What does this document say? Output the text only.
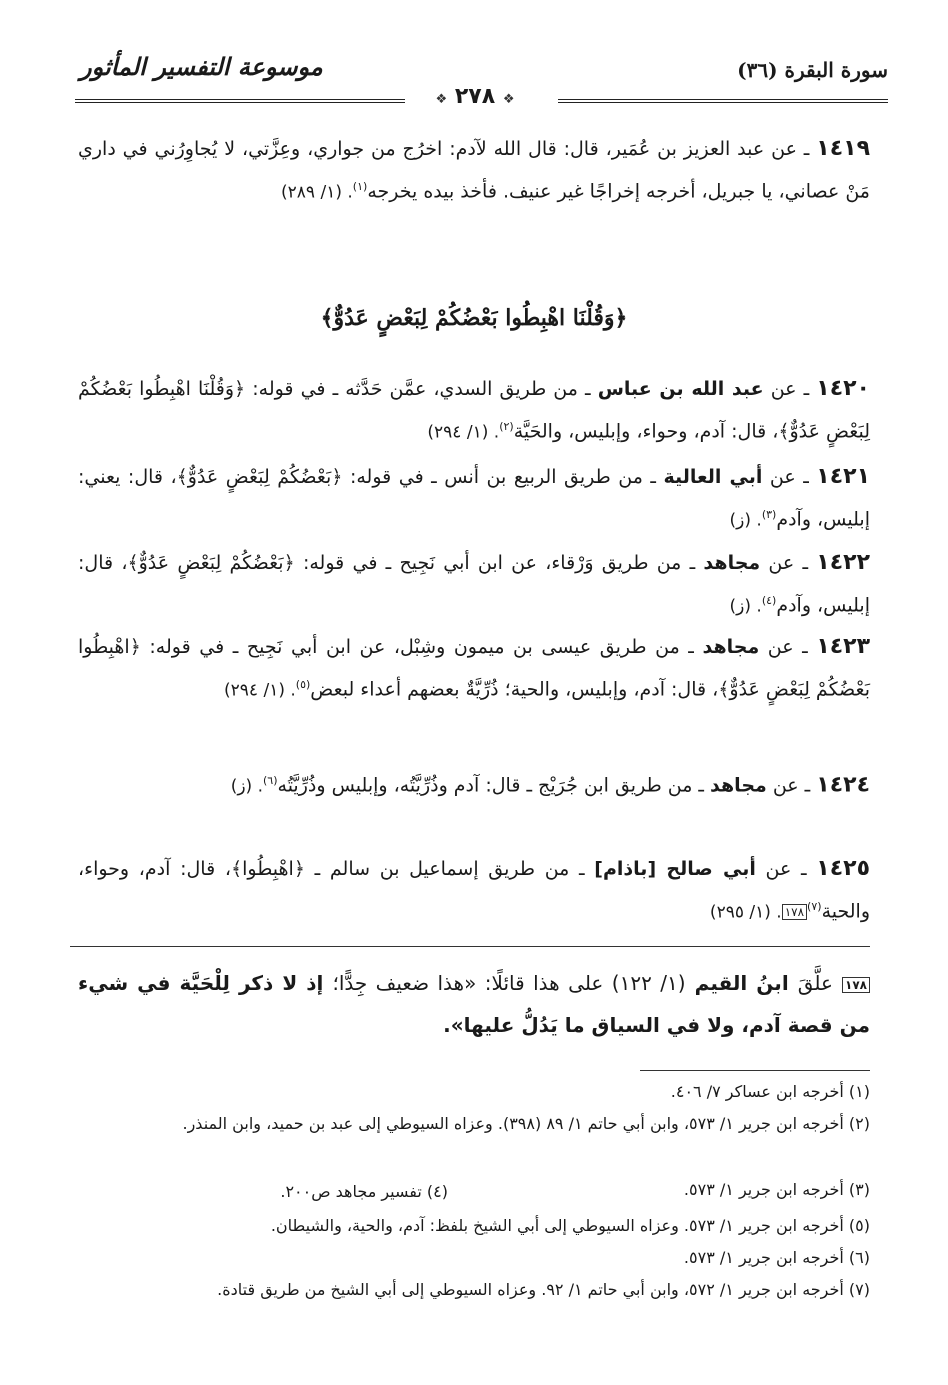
سورة البقرة (٣٦)
موسوعة التفسير المأثور
❖ ٢٧٨ ❖
١٤١٩ ـ عن عبد العزيز بن عُمَير، قال: قال الله لآدم: اخرُج من جواري، وعِزَّتي، لا يُجاوِرُني في داري مَنْ عصاني، يا جبريل، أخرجه إخراجًا غير عنيف. فأخذ بيده يخرجه$^{(١)}$. (١/ ٢٨٩)
﴿وَقُلْنَا اهْبِطُوا بَعْضُكُمْ لِبَعْضٍ عَدُوٌّ﴾
١٤٢٠ ـ عن عبد الله بن عباس ـ من طريق السدي، عمَّن حَدَّثه ـ في قوله: ﴿وَقُلْنَا اهْبِطُوا بَعْضُكُمْ لِبَعْضٍ عَدُوٌّ﴾، قال: آدم، وحواء، وإبليس، والحَيَّة$^{(٢)}$. (١/ ٢٩٤)
١٤٢١ ـ عن أبي العالية ـ من طريق الربيع بن أنس ـ في قوله: ﴿بَعْضُكُمْ لِبَعْضٍ عَدُوٌّ﴾، قال: يعني: إبليس، وآدم$^{(٣)}$. (ز)
١٤٢٢ ـ عن مجاهد ـ من طريق وَرْقاء، عن ابن أبي نَجِيح ـ في قوله: ﴿بَعْضُكُمْ لِبَعْضٍ عَدُوٌّ﴾، قال: إبليس، وآدم$^{(٤)}$. (ز)
١٤٢٣ ـ عن مجاهد ـ من طريق عيسى بن ميمون وشِبْل، عن ابن أبي نَجِيح ـ في قوله: ﴿اهْبِطُوا بَعْضُكُمْ لِبَعْضٍ عَدُوٌّ﴾، قال: آدم، وإبليس، والحية؛ ذُرِّيَّةٌ بعضهم أعداء لبعض$^{(٥)}$. (١/ ٢٩٤)
١٤٢٤ ـ عن مجاهد ـ من طريق ابن جُرَيْج ـ قال: آدم وذُرِّيَّتُه، وإبليس وذُرِّيَّتُه$^{(٦)}$. (ز)
١٤٢٥ ـ عن أبي صالح [باذام] ـ من طريق إسماعيل بن سالم ـ ﴿اهْبِطُوا﴾، قال: آدم، وحواء، والحية$^{(٧)}$١٧٨. (١/ ٢٩٥)
١٧٨ علَّقَ ابنُ القيم (١/ ١٢٢) على هذا قائلًا: «هذا ضعيف جِدًّا؛ إذ لا ذكر لِلْحَيَّة في شيء من قصة آدم، ولا في السياق ما يَدُلُّ عليها».
(١) أخرجه ابن عساكر ٧/ ٤٠٦.
(٢) أخرجه ابن جرير ١/ ٥٧٣، وابن أبي حاتم ١/ ٨٩ (٣٩٨). وعزاه السيوطي إلى عبد بن حميد، وابن المنذر.
(٣) أخرجه ابن جرير ١/ ٥٧٣.
(٤) تفسير مجاهد ص٢٠٠.
(٥) أخرجه ابن جرير ١/ ٥٧٣. وعزاه السيوطي إلى أبي الشيخ بلفظ: آدم، والحية، والشيطان.
(٦) أخرجه ابن جرير ١/ ٥٧٣.
(٧) أخرجه ابن جرير ١/ ٥٧٢، وابن أبي حاتم ١/ ٩٢. وعزاه السيوطي إلى أبي الشيخ من طريق قتادة.
